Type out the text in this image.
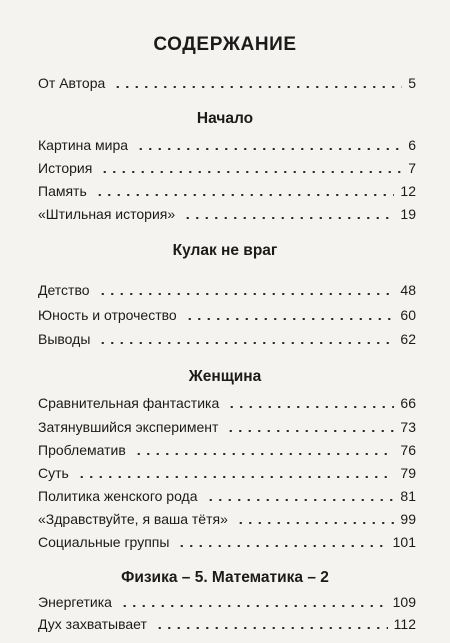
СОДЕРЖАНИЕ
От Автора	5
Начало
Картина мира	6
История	7
Память	12
«Штильная история»	19
Кулак не враг
Детство	48
Юность и отрочество	60
Выводы	62
Женщина
Сравнительная фантастика	66
Затянувшийся эксперимент	73
Проблематив	76
Суть	79
Политика женского рода	81
«Здравствуйте, я ваша тётя»	99
Социальные группы	101
Физика – 5. Математика – 2
Энергетика	109
Дух захватывает	112
